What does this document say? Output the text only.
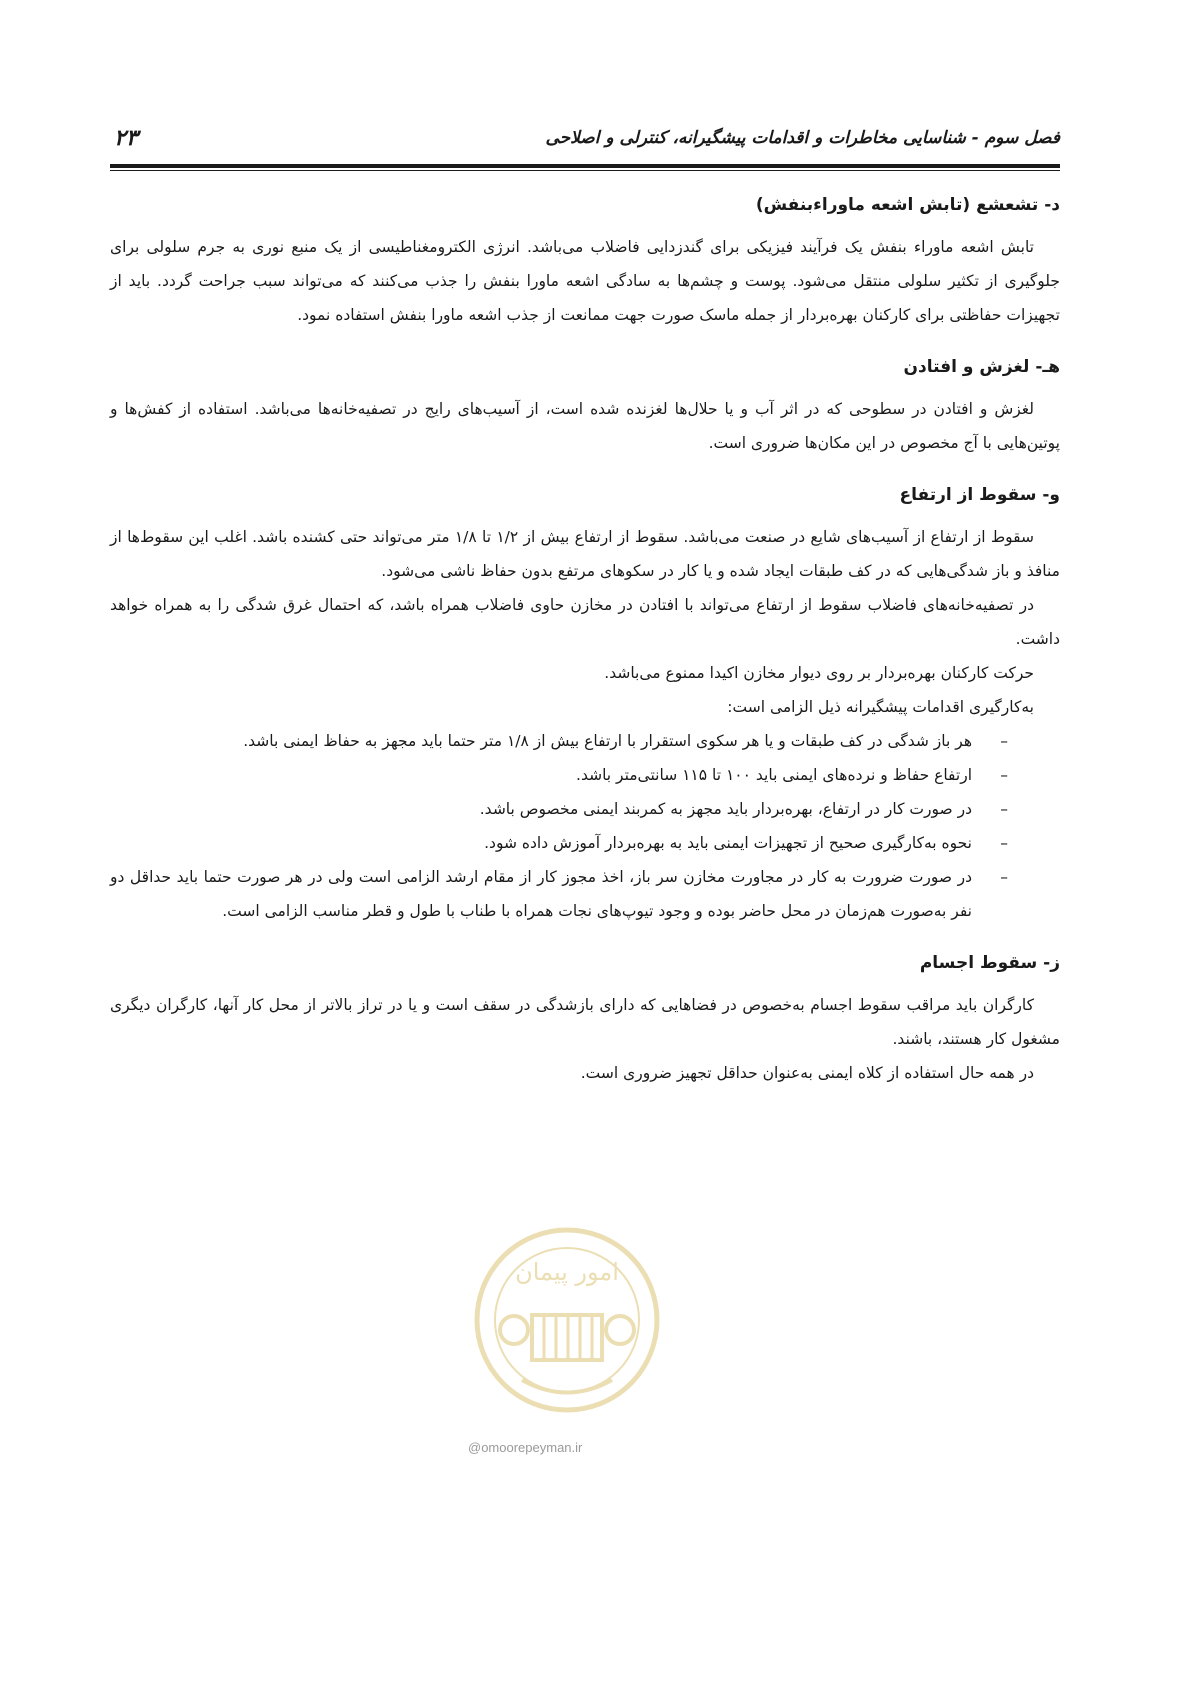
فصل سوم - شناسایی مخاطرات و اقدامات پیشگیرانه، کنترلی و اصلاحی
۲۳
د- تشعشع (تابش اشعه ماوراءبنفش)

تابش اشعه ماوراء بنفش یک فرآیند فیزیکی برای گندزدایی فاضلاب می‌باشد. انرژی الکترومغناطیسی از یک منبع نوری به جرم سلولی برای جلوگیری از تکثیر سلولی منتقل می‌شود. پوست و چشم‌ها به سادگی اشعه ماورا بنفش را جذب می‌کنند که می‌تواند سبب جراحت گردد. باید از تجهیزات حفاظتی برای کارکنان بهره‌بردار از جمله ماسک صورت جهت ممانعت از جذب اشعه ماورا بنفش استفاده نمود.

هـ- لغزش و افتادن

لغزش و افتادن در سطوحی که در اثر آب و یا حلال‌ها لغزنده شده است، از آسیب‌های رایج در تصفیه‌خانه‌ها می‌باشد. استفاده از کفش‌ها و پوتین‌هایی با آج مخصوص در این مکان‌ها ضروری است.

و- سقوط از ارتفاع

سقوط از ارتفاع از آسیب‌های شایع در صنعت می‌باشد. سقوط از ارتفاع بیش از ۱/۲ تا ۱/۸ متر می‌تواند حتی کشنده باشد. اغلب این سقوط‌ها از منافذ و باز شدگی‌هایی که در کف طبقات ایجاد شده و یا کار در سکوهای مرتفع بدون حفاظ ناشی می‌شود.

در تصفیه‌خانه‌های فاضلاب سقوط از ارتفاع می‌تواند با افتادن در مخازن حاوی فاضلاب همراه باشد، که احتمال غرق شدگی را به همراه خواهد داشت.

حرکت کارکنان بهره‌بردار بر روی دیوار مخازن اکیدا ممنوع می‌باشد.

به‌کارگیری اقدامات پیشگیرانه ذیل الزامی است:

–
هر باز شدگی در کف طبقات و یا هر سکوی استقرار با ارتفاع بیش از ۱/۸ متر حتما باید مجهز به حفاظ ایمنی باشد.
–
ارتفاع حفاظ و نرده‌های ایمنی باید ۱۰۰ تا ۱۱۵ سانتی‌متر باشد.
–
در صورت کار در ارتفاع، بهره‌بردار باید مجهز به کمربند ایمنی مخصوص باشد.
–
نحوه به‌کارگیری صحیح از تجهیزات ایمنی باید به بهره‌بردار آموزش داده شود.
–
در صورت ضرورت به کار در مجاورت مخازن سر باز، اخذ مجوز کار از مقام ارشد الزامی است ولی در هر صورت حتما باید حداقل دو نفر به‌صورت هم‌زمان در محل حاضر بوده و وجود تیوپ‌های نجات همراه با طناب با طول و قطر مناسب الزامی است.
ز- سقوط اجسام

کارگران باید مراقب سقوط اجسام به‌خصوص در فضاهایی که دارای بازشدگی در سقف است و یا در تراز بالاتر از محل کار آنها، کارگران دیگری مشغول کار هستند، باشند.

در همه حال استفاده از کلاه ایمنی به‌عنوان حداقل تجهیز ضروری است.

امور پیمان
@omoorepeyman.ir
